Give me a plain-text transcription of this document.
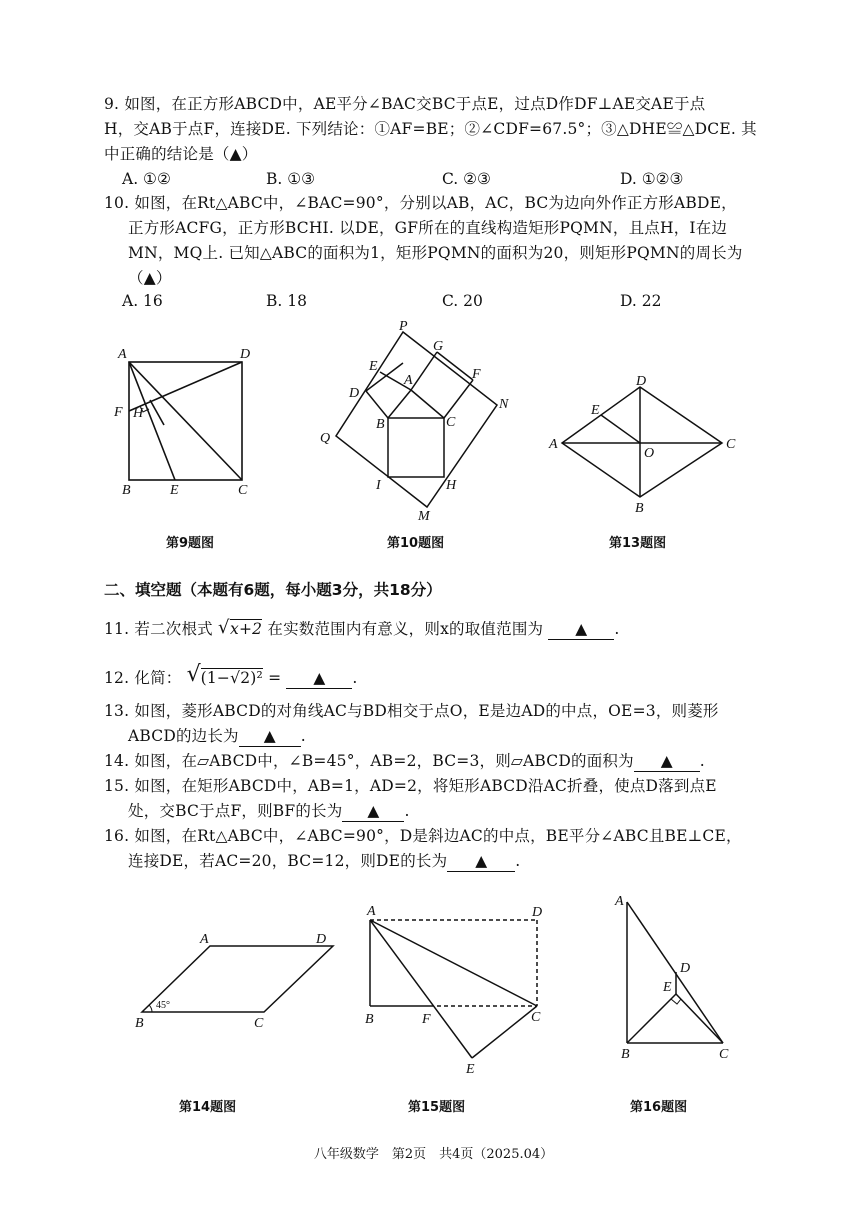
9. 如图，在正方形ABCD中，AE平分∠BAC交BC于点E，过点D作DF⊥AE交AE于点
H，交AB于点F，连接DE. 下列结论：①AF=BE；②∠CDF=67.5°；③△DHE≌△DCE. 其
中正确的结论是（▲）
A. ①②	B. ①③	C. ②③	D. ①②③
10. 如图，在Rt△ABC中，∠BAC=90°，分别以AB，AC，BC为边向外作正方形ABDE，
正方形ACFG，正方形BCHI. 以DE，GF所在的直线构造矩形PQMN，且点H，I在边
MN，MQ上. 已知△ABC的面积为1，矩形PQMN的面积为20，则矩形PQMN的周长为
（▲）
A. 16	B. 18	C. 20	D. 22
A	D
F H
B	E	C
第9题图
P
G
E
A	F
N
D
B	C
Q
I	H
M
第10题图
D
E
A
O
C
B
第13题图
二、填空题（本题有6题，每小题3分，共18分）
11. 若二次根式 √ x+2 在实数范围内有意义，则x的取值范围为 ▲ .
12. 化简： √ (1−√2)² = ▲ .
13. 如图，菱形ABCD的对角线AC与BD相交于点O，E是边AD的中点，OE=3，则菱形
ABCD的边长为 ▲ .
14. 如图，在▱ABCD中，∠B=45°，AB=2，BC=3，则▱ABCD的面积为 ▲ .
15. 如图，在矩形ABCD中，AB=1，AD=2，将矩形ABCD沿AC折叠，使点D落到点E
处，交BC于点F，则BF的长为 ▲ .
16. 如图，在Rt△ABC中，∠ABC=90°，D是斜边AC的中点，BE平分∠ABC且BE⊥CE，
连接DE，若AC=20，BC=12，则DE的长为 ▲ .
A	D
B	C
45°
第14题图
A	D
B	F	C
E
第15题图
A
D
E
B	C
第16题图
八年级数学　第2页　共4页（2025.04）
